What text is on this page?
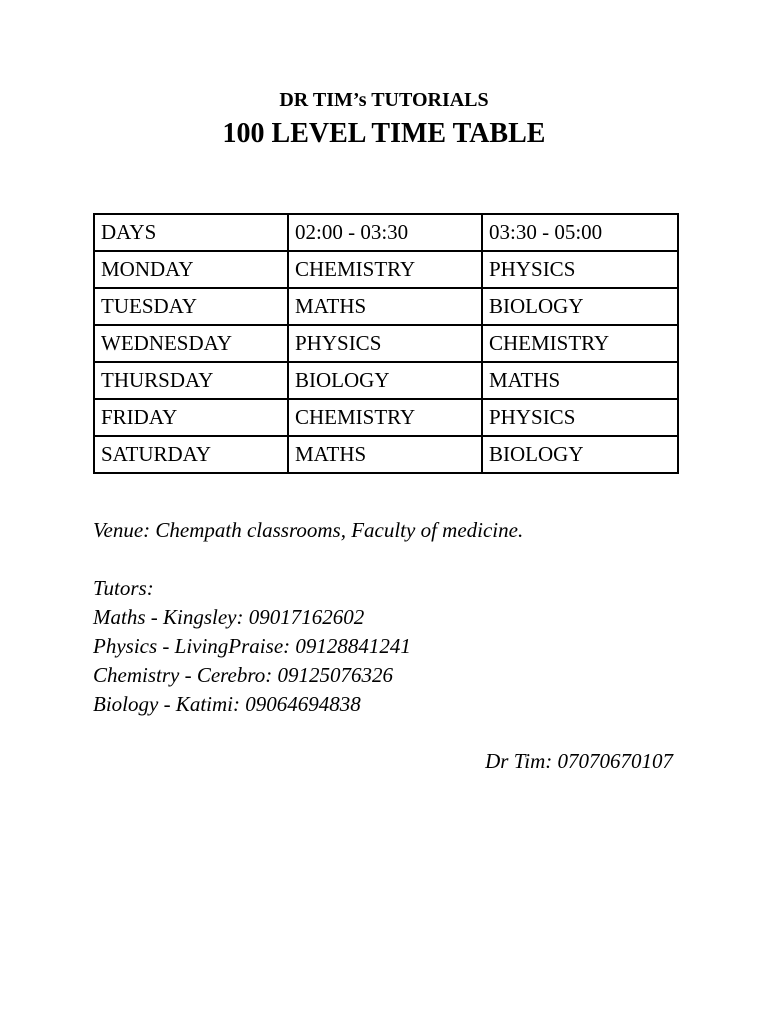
DR TIM’s TUTORIALS
100 LEVEL TIME TABLE
DAYS	02:00 - 03:30	03:30 - 05:00
MONDAY	CHEMISTRY	PHYSICS
TUESDAY	MATHS	BIOLOGY
WEDNESDAY	PHYSICS	CHEMISTRY
THURSDAY	BIOLOGY	MATHS
FRIDAY	CHEMISTRY	PHYSICS
SATURDAY	MATHS	BIOLOGY
Venue: Chempath classrooms, Faculty of medicine.
Tutors:
Maths - Kingsley: 09017162602
Physics - LivingPraise: 09128841241
Chemistry - Cerebro: 09125076326
Biology - Katimi: 09064694838
Dr Tim: 07070670107
